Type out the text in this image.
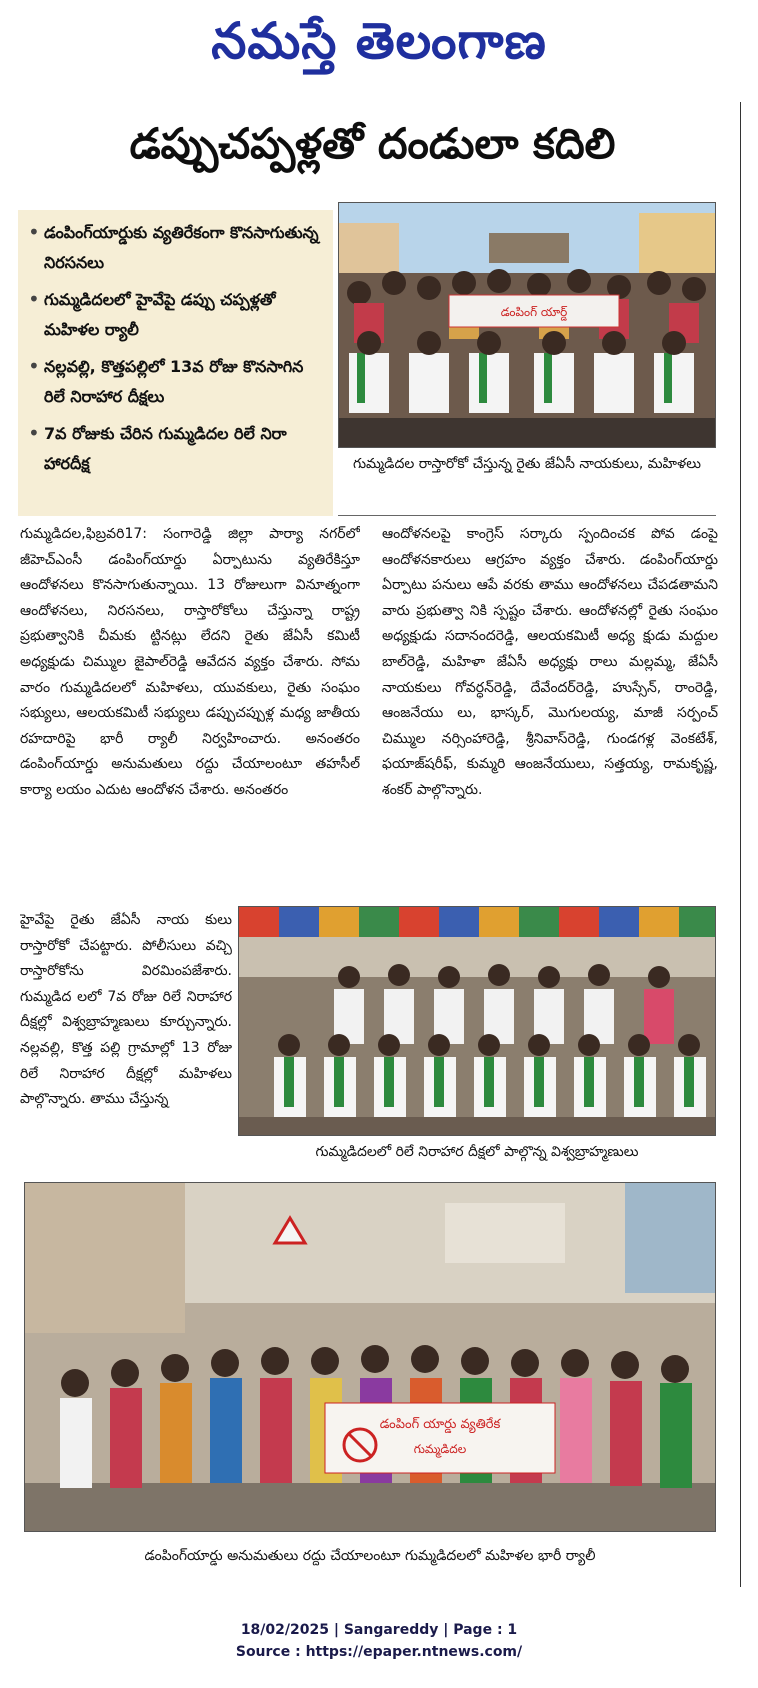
నమస్తే తెలంగాణ
డప్పుచప్పళ్లతో దండులా కదిలి
• డంపింగ్‌యార్డుకు వ్యతిరేకంగా కొనసాగుతున్న నిరసనలు
• గుమ్మడిదలలో హైవేపై డప్పు చప్పళ్లతో మహిళల ర్యాలీ
• నల్లవల్లి, కొత్తపల్లిలో 13వ రోజు కొనసాగిన రిలే నిరాహార దీక్షలు
• 7వ రోజుకు చేరిన గుమ్మడిదల రిలే నిరా హారదీక్ష
డంపింగ్ యార్డ్
గుమ్మడిదల రాస్తారోకో చేస్తున్న రైతు జేఏసీ నాయకులు, మహిళలు
గుమ్మడిదల,ఫిబ్రవరి17: సంగారెడ్డి జిల్లా పార్యా నగర్‌లో జీహెచ్‌ఎంసీ డంపింగ్‌యార్డు ఏర్పాటును వ్యతిరేకిస్తూ ఆందోళనలు కొనసాగుతున్నాయి. 13 రోజులుగా వినూత్నంగా ఆందోళనలు, నిరసనలు, రాస్తారోకోలు చేస్తున్నా రాష్ట్ర ప్రభుత్వానికి చీమకు ట్టినట్లు లేదని రైతు జేఏసీ కమిటీ అధ్యక్షుడు చిమ్ముల జైపాల్‌రెడ్డి ఆవేదన వ్యక్తం చేశారు. సోమ వారం గుమ్మడిదలలో మహిళలు, యువకులు, రైతు సంఘం సభ్యులు, ఆలయకమిటీ సభ్యులు డప్పుచప్పుళ్ల మధ్య జాతీయ రహదారిపై భారీ ర్యాలీ నిర్వహించారు. అనంతరం డంపింగ్‌యార్డు అనుమతులు రద్దు చేయాలంటూ తహసీల్ కార్యా లయం ఎదుట ఆందోళన చేశారు. అనంతరం
ఆందోళనలపై కాంగ్రెస్ సర్కారు స్పందించక పోవ డంపై ఆందోళనకారులు ఆగ్రహం వ్యక్తం చేశారు. డంపింగ్‌యార్డు ఏర్పాటు పనులు ఆపే వరకు తాము ఆందోళనలు చేపడతామని వారు ప్రభుత్వా నికి స్పష్టం చేశారు. ఆందోళనల్లో రైతు సంఘం అధ్యక్షుడు సదానందరెడ్డి, ఆలయకమిటీ అధ్య క్షుడు మద్దుల బాల్‌రెడ్డి, మహిళా జేఏసీ అధ్యక్షు రాలు మల్లమ్మ, జేఏసీ నాయకులు గోవర్ధన్‌రెడ్డి, దేవేందర్‌రెడ్డి, హుస్సేన్, రాంరెడ్డి, ఆంజనేయు లు, భాస్కర్, మొగులయ్య, మాజీ సర్పంచ్ చిమ్ముల నర్సింహారెడ్డి, శ్రీనివాస్‌రెడ్డి, గుండగళ్ల వెంకటేశ్, ఫయాజ్‌షరీఫ్, కుమ్మరి ఆంజనేయులు, సత్తయ్య, రామకృష్ణ, శంకర్ పాల్గొన్నారు.
హైవేపై రైతు జేఏసీ నాయ కులు రాస్తారోకో చేపట్టారు. పోలీసులు వచ్చి రాస్తారోకోను విరమింపజేశారు. గుమ్మడిద లలో 7వ రోజు రిలే నిరాహార దీక్షల్లో విశ్వబ్రాహ్మణులు కూర్చున్నారు. నల్లవల్లి, కొత్త పల్లి గ్రామాల్లో 13 రోజు రిలే నిరాహార దీక్షల్లో మహిళలు పాల్గొన్నారు. తాము చేస్తున్న
గుమ్మడిదలలో రిలే నిరాహార దీక్షలో పాల్గొన్న విశ్వబ్రాహ్మణులు
డంపింగ్ యార్డు వ్యతిరేక
గుమ్మడిదల
డంపింగ్‌యార్డు అనుమతులు రద్దు చేయాలంటూ గుమ్మడిదలలో మహిళల భారీ ర్యాలీ
18/02/2025 | Sangareddy | Page : 1
Source : https://epaper.ntnews.com/
